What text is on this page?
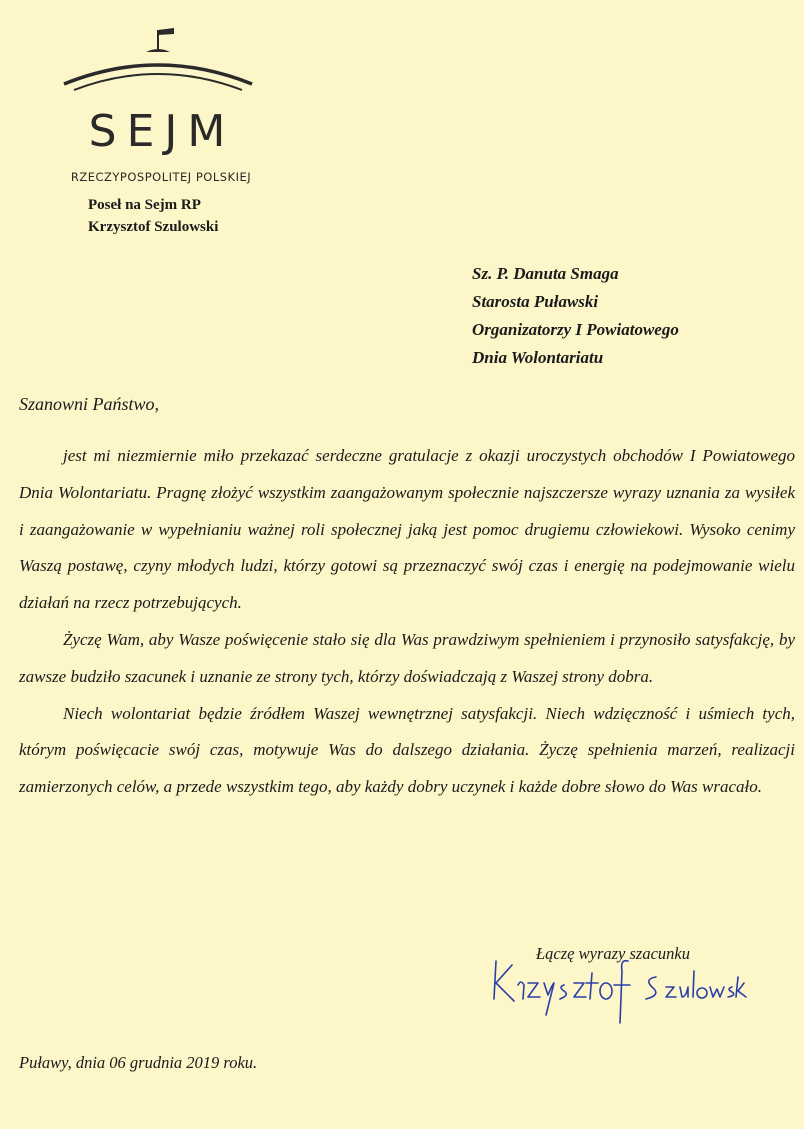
SEJM
RZECZYPOSPOLITEJ POLSKIEJ
Poseł na Sejm RP
Krzysztof Szulowski
Sz. P. Danuta Smaga
Starosta Puławski
Organizatorzy I Powiatowego
Dnia Wolontariatu
Szanowni Państwo,

jest mi niezmiernie miło przekazać serdeczne gratulacje z okazji uroczystych obchodów I Powiatowego Dnia Wolontariatu. Pragnę złożyć wszystkim zaangażowanym społecznie najszczersze wyrazy uznania za wysiłek i zaangażowanie w wypełnianiu ważnej roli społecznej jaką jest pomoc drugiemu człowiekowi. Wysoko cenimy Waszą postawę, czyny młodych ludzi, którzy gotowi są przeznaczyć swój czas i energię na podejmowanie wielu działań na rzecz potrzebujących.

Życzę Wam, aby Wasze poświęcenie stało się dla Was prawdziwym spełnieniem i przynosiło satysfakcję, by zawsze budziło szacunek i uznanie ze strony tych, którzy doświadczają z Waszej strony dobra.

Niech wolontariat będzie źródłem Waszej wewnętrznej satysfakcji. Niech wdzięczność i uśmiech tych, którym poświęcacie swój czas, motywuje Was do dalszego działania. Życzę spełnienia marzeń, realizacji zamierzonych celów, a przede wszystkim tego, aby każdy dobry uczynek i każde dobre słowo do Was wracało.

Łączę wyrazy szacunku
Puławy, dnia 06 grudnia 2019 roku.
